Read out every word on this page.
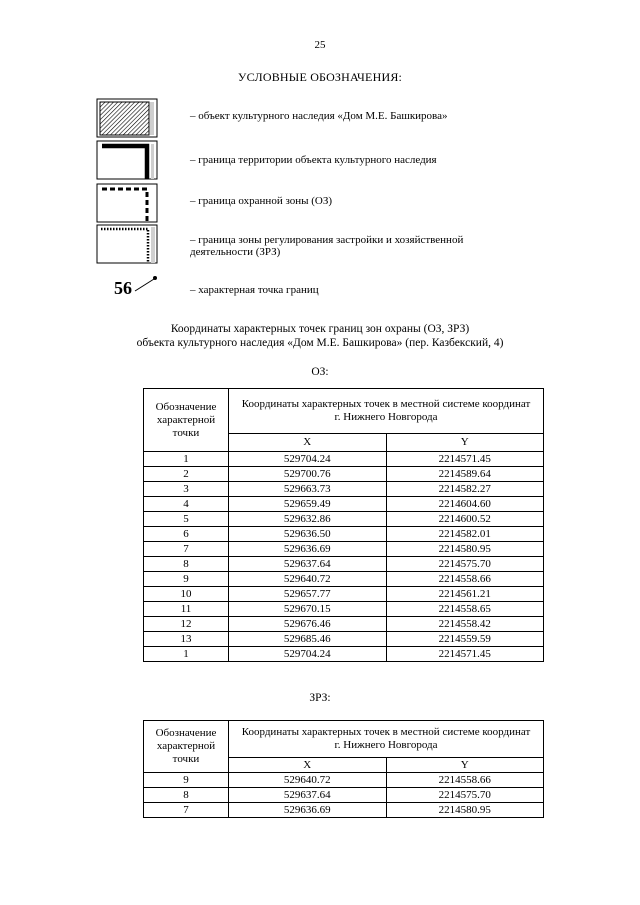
25
УСЛОВНЫЕ ОБОЗНАЧЕНИЯ:
– объект культурного наследия «Дом М.Е. Башкирова»
– граница территории объекта культурного наследия
– граница охранной зоны (ОЗ)
– граница зоны регулирования застройки и хозяйственной деятельности (ЗРЗ)
56	– характерная точка границ
Координаты характерных точек границ зон охраны (ОЗ, ЗРЗ)
объекта культурного наследия «Дом М.Е. Башкирова» (пер. Казбекский, 4)
ОЗ:
Обозначение характерной точки	Координаты характерных точек в местной системе координат г. Нижнего Новгорода	
	X	Y
1	529704.24	2214571.45
2	529700.76	2214589.64
3	529663.73	2214582.27
4	529659.49	2214604.60
5	529632.86	2214600.52
6	529636.50	2214582.01
7	529636.69	2214580.95
8	529637.64	2214575.70
9	529640.72	2214558.66
10	529657.77	2214561.21
11	529670.15	2214558.65
12	529676.46	2214558.42
13	529685.46	2214559.59
1	529704.24	2214571.45
ЗРЗ:
Обозначение характерной точки	Координаты характерных точек в местной системе координат г. Нижнего Новгорода	
	X	Y
9	529640.72	2214558.66
8	529637.64	2214575.70
7	529636.69	2214580.95
